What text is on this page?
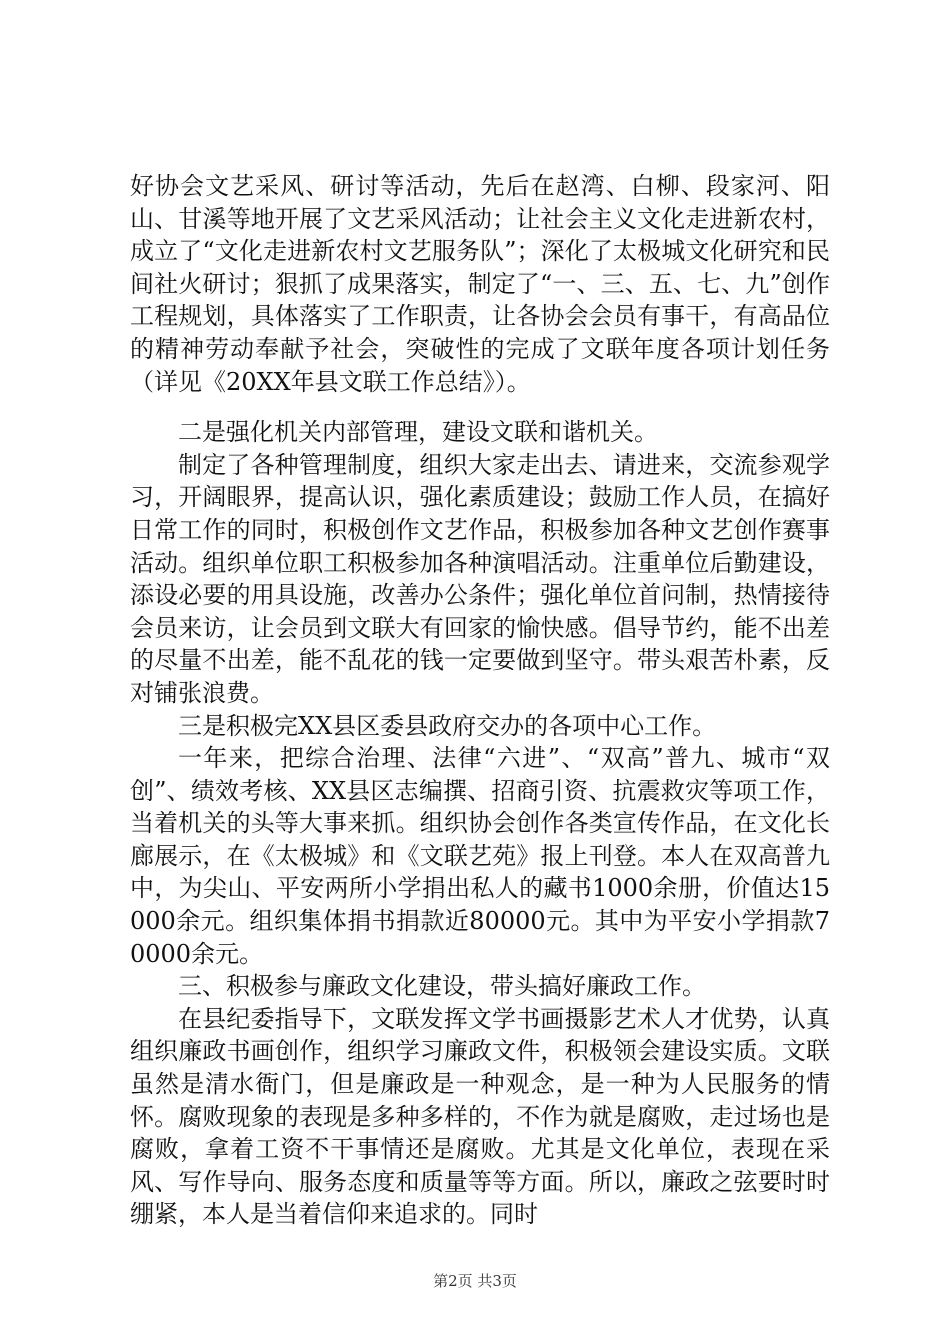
好协会文艺采风、研讨等活动，先后在赵湾、白柳、段家河、阳山、甘溪等地开展了文艺采风活动；让社会主义文化走进新农村，成立了“文化走进新农村文艺服务队”；深化了太极城文化研究和民间社火研讨；狠抓了成果落实，制定了“一、三、五、七、九”创作工程规划，具体落实了工作职责，让各协会会员有事干，有高品位的精神劳动奉献予社会，突破性的完成了文联年度各项计划任务（详见《20XX年县文联工作总结》）。

二是强化机关内部管理，建设文联和谐机关。

制定了各种管理制度，组织大家走出去、请进来，交流参观学习，开阔眼界，提高认识，强化素质建设；鼓励工作人员，在搞好日常工作的同时，积极创作文艺作品，积极参加各种文艺创作赛事活动。组织单位职工积极参加各种演唱活动。注重单位后勤建设，添设必要的用具设施，改善办公条件；强化单位首问制，热情接待会员来访，让会员到文联大有回家的愉快感。倡导节约，能不出差的尽量不出差，能不乱花的钱一定要做到坚守。带头艰苦朴素，反对铺张浪费。

三是积极完XX县区委县政府交办的各项中心工作。

一年来，把综合治理、法律“六进”、“双高”普九、城市“双创”、绩效考核、XX县区志编撰、招商引资、抗震救灾等项工作，当着机关的头等大事来抓。组织协会创作各类宣传作品，在文化长廊展示，在《太极城》和《文联艺苑》报上刊登。本人在双高普九中，为尖山、平安两所小学捐出私人的藏书1000余册，价值达15000余元。组织集体捐书捐款近80000元。其中为平安小学捐款70000余元。

三、积极参与廉政文化建设，带头搞好廉政工作。

在县纪委指导下，文联发挥文学书画摄影艺术人才优势，认真组织廉政书画创作，组织学习廉政文件，积极领会建设实质。文联虽然是清水衙门，但是廉政是一种观念，是一种为人民服务的情怀。腐败现象的表现是多种多样的，不作为就是腐败，走过场也是腐败，拿着工资不干事情还是腐败。尤其是文化单位，表现在采风、写作导向、服务态度和质量等等方面。所以，廉政之弦要时时绷紧，本人是当着信仰来追求的。同时

第2页 共3页
